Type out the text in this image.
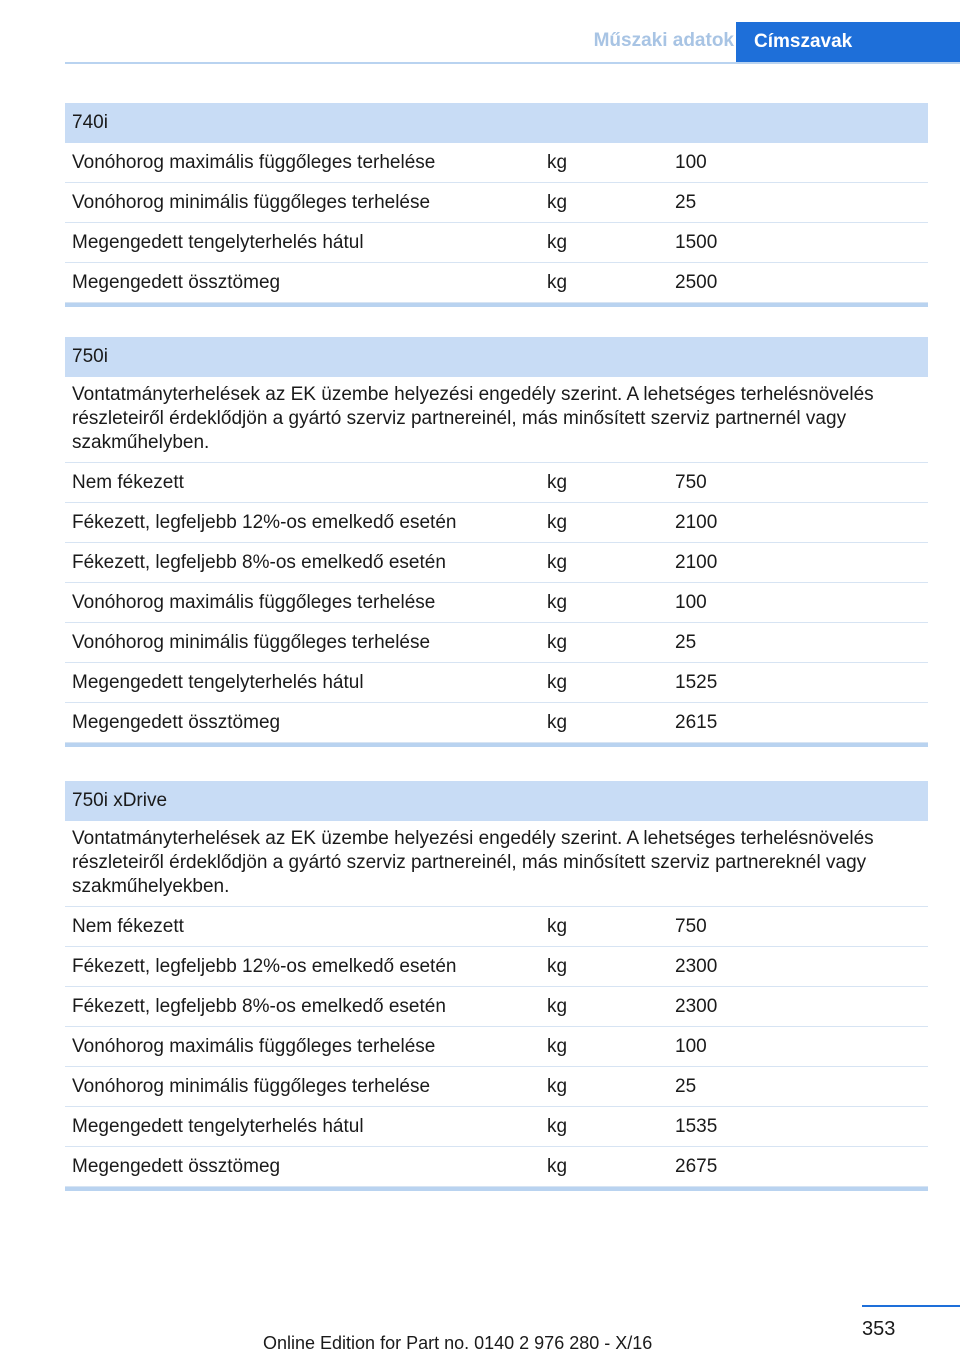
Műszaki adatok	Címszavak
740i
Vonóhorog maximális függőleges terhelése	kg	100
Vonóhorog minimális függőleges terhelése	kg	25
Megengedett tengelyterhelés hátul	kg	1500
Megengedett össztömeg	kg	2500
750i
Vontatmányterhelések az EK üzembe helyezési engedély szerint. A lehetséges terhelésnövelés részleteiről érdeklődjön a gyártó szerviz partnereinél, más minősített szerviz partnernél vagy szakműhelyben.
Nem fékezett	kg	750
Fékezett, legfeljebb 12%-os emelkedő esetén	kg	2100
Fékezett, legfeljebb 8%-os emelkedő esetén	kg	2100
Vonóhorog maximális függőleges terhelése	kg	100
Vonóhorog minimális függőleges terhelése	kg	25
Megengedett tengelyterhelés hátul	kg	1525
Megengedett össztömeg	kg	2615
750i xDrive
Vontatmányterhelések az EK üzembe helyezési engedély szerint. A lehetséges terhelésnövelés részleteiről érdeklődjön a gyártó szerviz partnereinél, más minősített szerviz partnereknél vagy szakműhelyekben.
Nem fékezett	kg	750
Fékezett, legfeljebb 12%-os emelkedő esetén	kg	2300
Fékezett, legfeljebb 8%-os emelkedő esetén	kg	2300
Vonóhorog maximális függőleges terhelése	kg	100
Vonóhorog minimális függőleges terhelése	kg	25
Megengedett tengelyterhelés hátul	kg	1535
Megengedett össztömeg	kg	2675
353
Online Edition for Part no. 0140 2 976 280 - X/16
